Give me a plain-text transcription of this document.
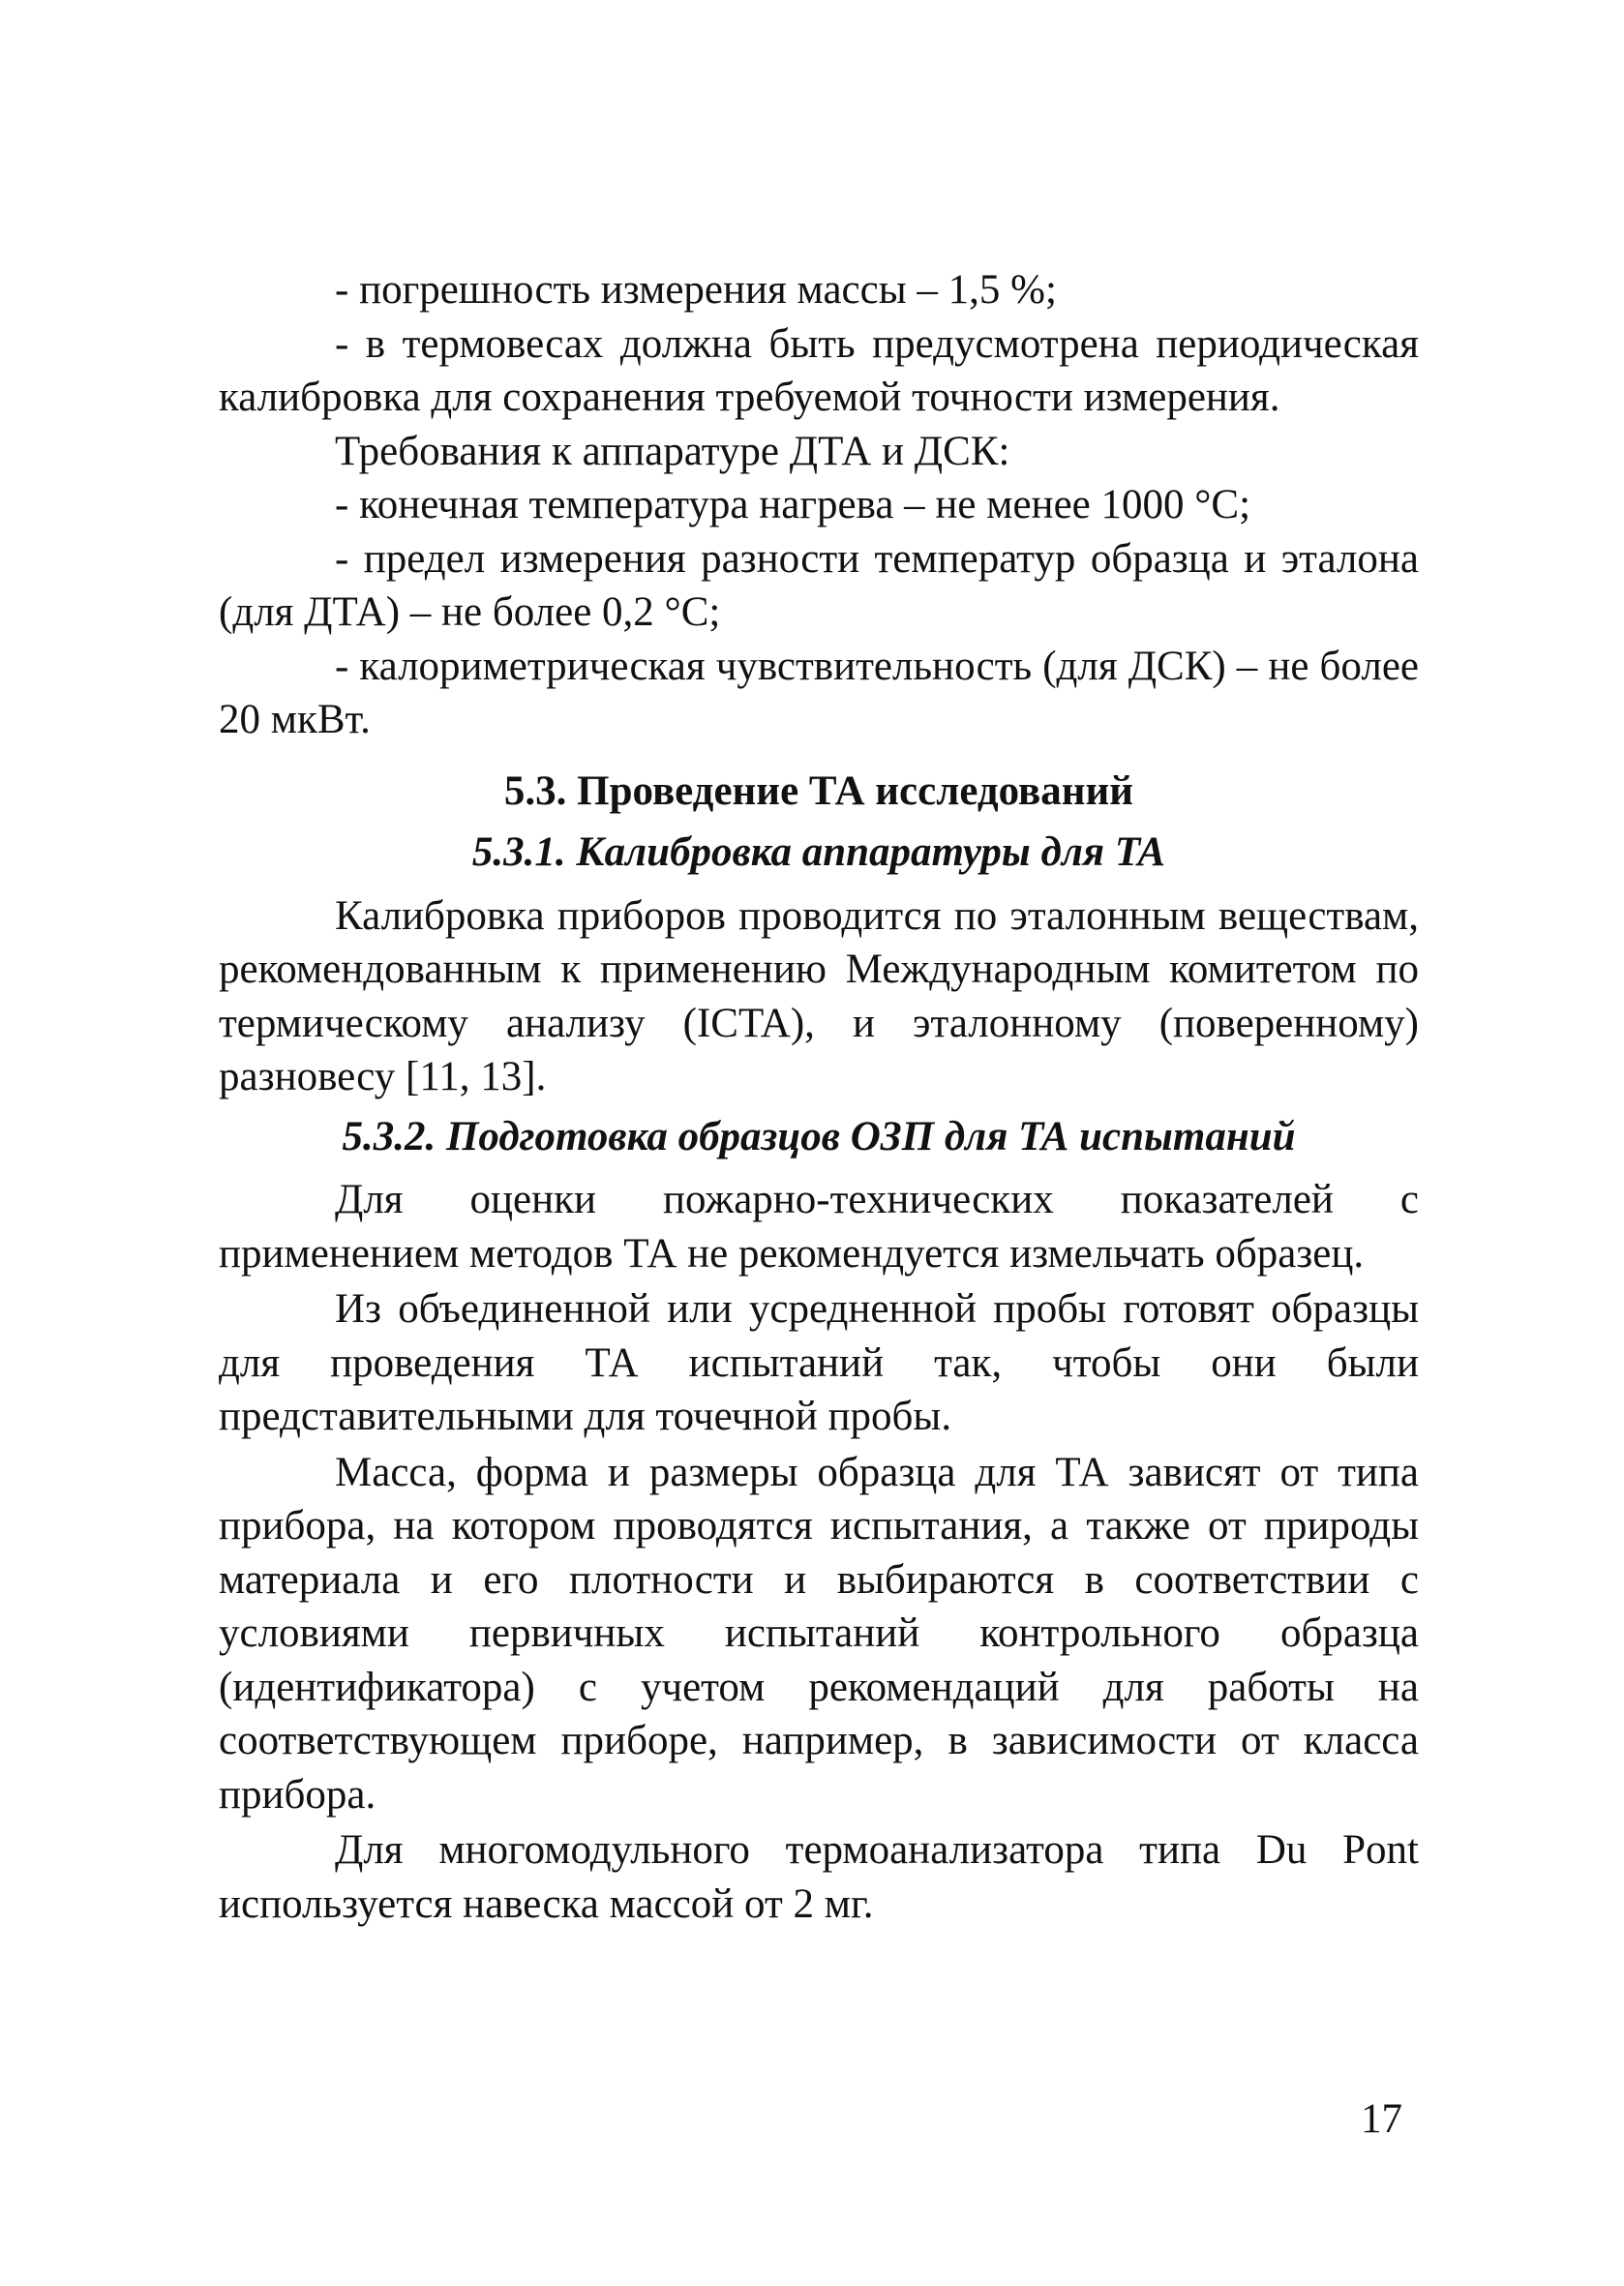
- погрешность измерения массы – 1,5 %;

- в термовесах должна быть предусмотрена периодическая калибровка для сохранения требуемой точности измерения.

Требования к аппаратуре ДТА и ДСК:

- конечная температура нагрева – не менее 1000 °С;

- предел измерения разности температур образца и эталона (для ДТА) – не более 0,2 °С;

- калориметрическая чувствительность (для ДСК) – не более 20 мкВт.

5.3. Проведение ТА исследований
5.3.1. Калибровка аппаратуры для ТА

Калибровка приборов проводится по эталонным веществам, рекомендованным к применению Международным комитетом по термическому анализу (ICTA), и эталонному (поверенному) разновесу [11, 13].

5.3.2. Подготовка образцов ОЗП для ТА испытаний

Для оценки пожарно-технических показателей с применением методов ТА не рекомендуется измельчать образец.

Из объединенной или усредненной пробы готовят образцы для проведения ТА испытаний так, чтобы они были представительными для точечной пробы.

Масса, форма и размеры образца для ТА зависят от типа прибора, на котором проводятся испытания, а также от природы материала и его плотности и выбираются в соответствии с условиями первичных испытаний контрольного образца (идентификатора) с учетом рекомендаций для работы на соответствующем приборе, например, в зависимости от класса прибора.

Для многомодульного термоанализатора типа Du Pont используется навеска массой от 2 мг.

17
